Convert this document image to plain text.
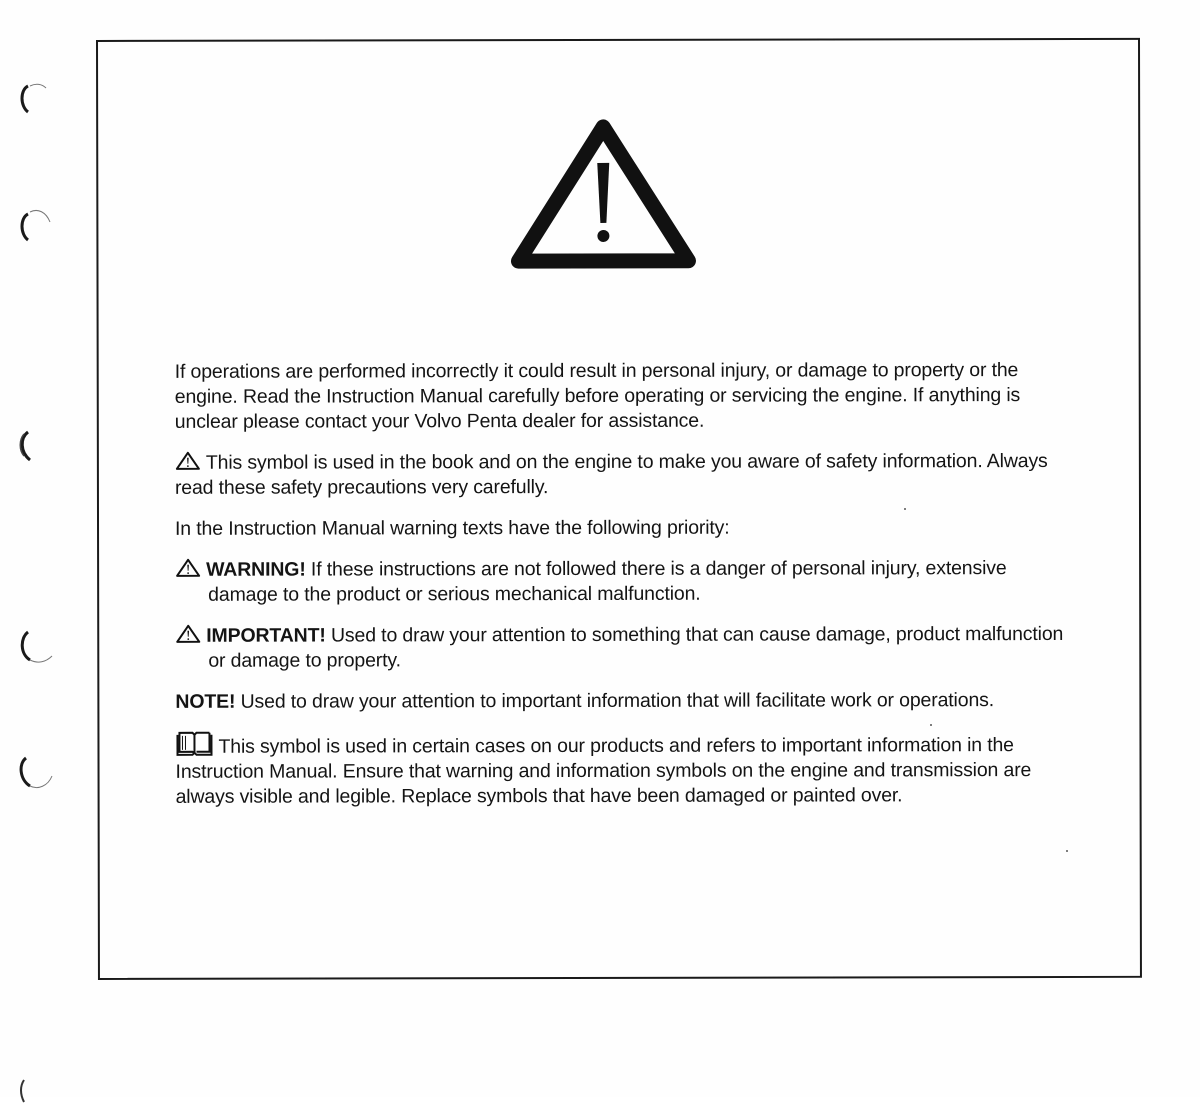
If operations are performed incorrectly it could result in personal injury, or damage to property or the engine. Read the Instruction Manual carefully before operating or servicing the engine. If anything is unclear please contact your Volvo Penta dealer for assistance.

This symbol is used in the book and on the engine to make you aware of safety information. Always read these safety precautions very carefully.

In the Instruction Manual warning texts have the following priority:

WARNING! If these instructions are not followed there is a danger of personal injury, extensive damage to the product or serious mechanical malfunction.

IMPORTANT! Used to draw your attention to something that can cause damage, product malfunction or damage to property.

NOTE! Used to draw your attention to important information that will facilitate work or operations.

This symbol is used in certain cases on our products and refers to important information in the Instruction Manual. Ensure that warning and information symbols on the engine and transmission are always visible and legible. Replace symbols that have been damaged or painted over.
